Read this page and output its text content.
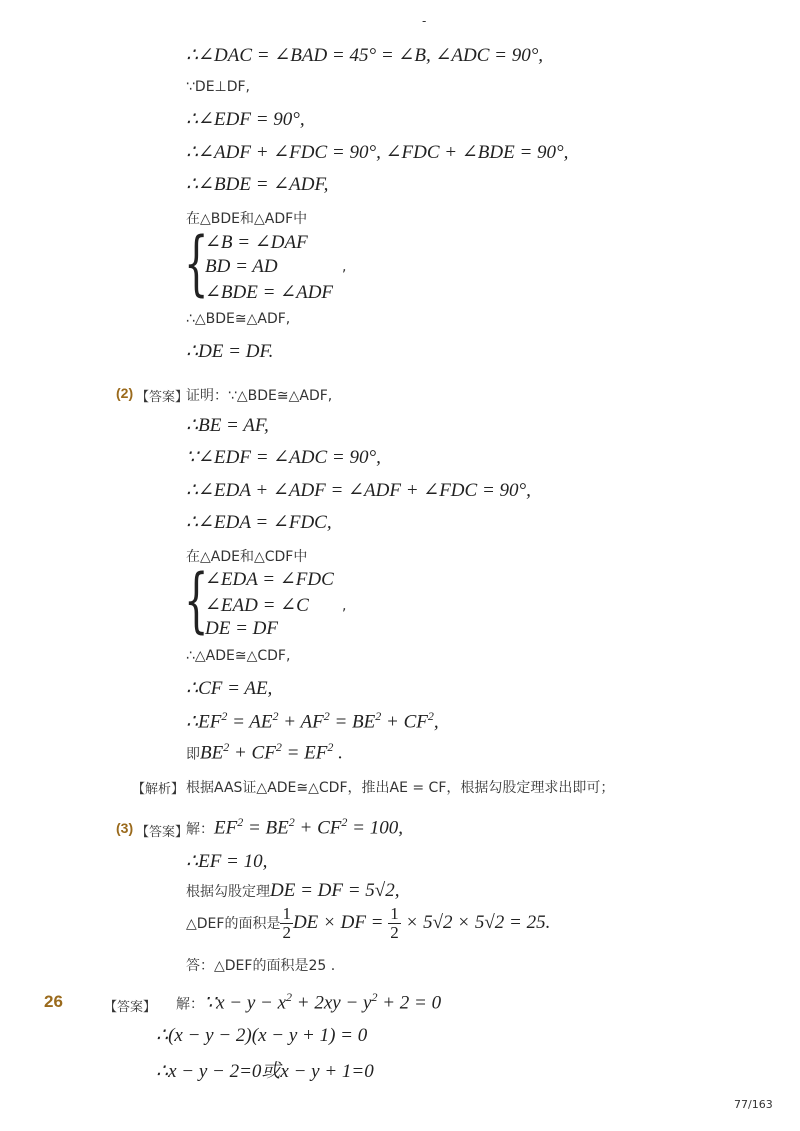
-
∴∠DAC = ∠BAD = 45° = ∠B, ∠ADC = 90°,
∵DE⊥DF,
∴∠EDF = 90°,
∴∠ADF + ∠FDC = 90°, ∠FDC + ∠BDE = 90°,
∴∠BDE = ∠ADF,
在△BDE和△ADF中
{
∠B = ∠DAF
BD = AD
∠BDE = ∠ADF
,
∴△BDE≅△ADF,
∴DE = DF.
(2) 【答案】
证明：∵△BDE≅△ADF,
∴BE = AF,
∵∠EDF = ∠ADC = 90°,
∴∠EDA + ∠ADF = ∠ADF + ∠FDC = 90°,
∴∠EDA = ∠FDC,
在△ADE和△CDF中
{
∠EDA = ∠FDC
∠EAD = ∠C
DE = DF
,
∴△ADE≅△CDF,
∴CF = AE,
$\therefore EF^2 = AE^2 + AF^2 = BE^2 + CF^2$,
即$BE^2 + CF^2 = EF^2$ .
【解析】 根据AAS证△ADE≅△CDF，推出AE = CF，根据勾股定理求出即可；
(3) 【答案】
解：$EF^2 = BE^2 + CF^2 = 100$,
∴EF = 10,
根据勾股定理DE = DF = 5√2,
△DEF的面积是 $\frac{1}{2}$ DE × DF = $\frac{1}{2} \times 5√2 \times 5√2 = 25$.
答：△DEF的面积是25 .
26	【答案】 解：∵x − $y - x^2 + 2xy - y^2 + 2 = 0$
∴(x − y − 2)(x − y + 1) = 0
∴x − y − 2=0或x − y + 1=0
77/163
